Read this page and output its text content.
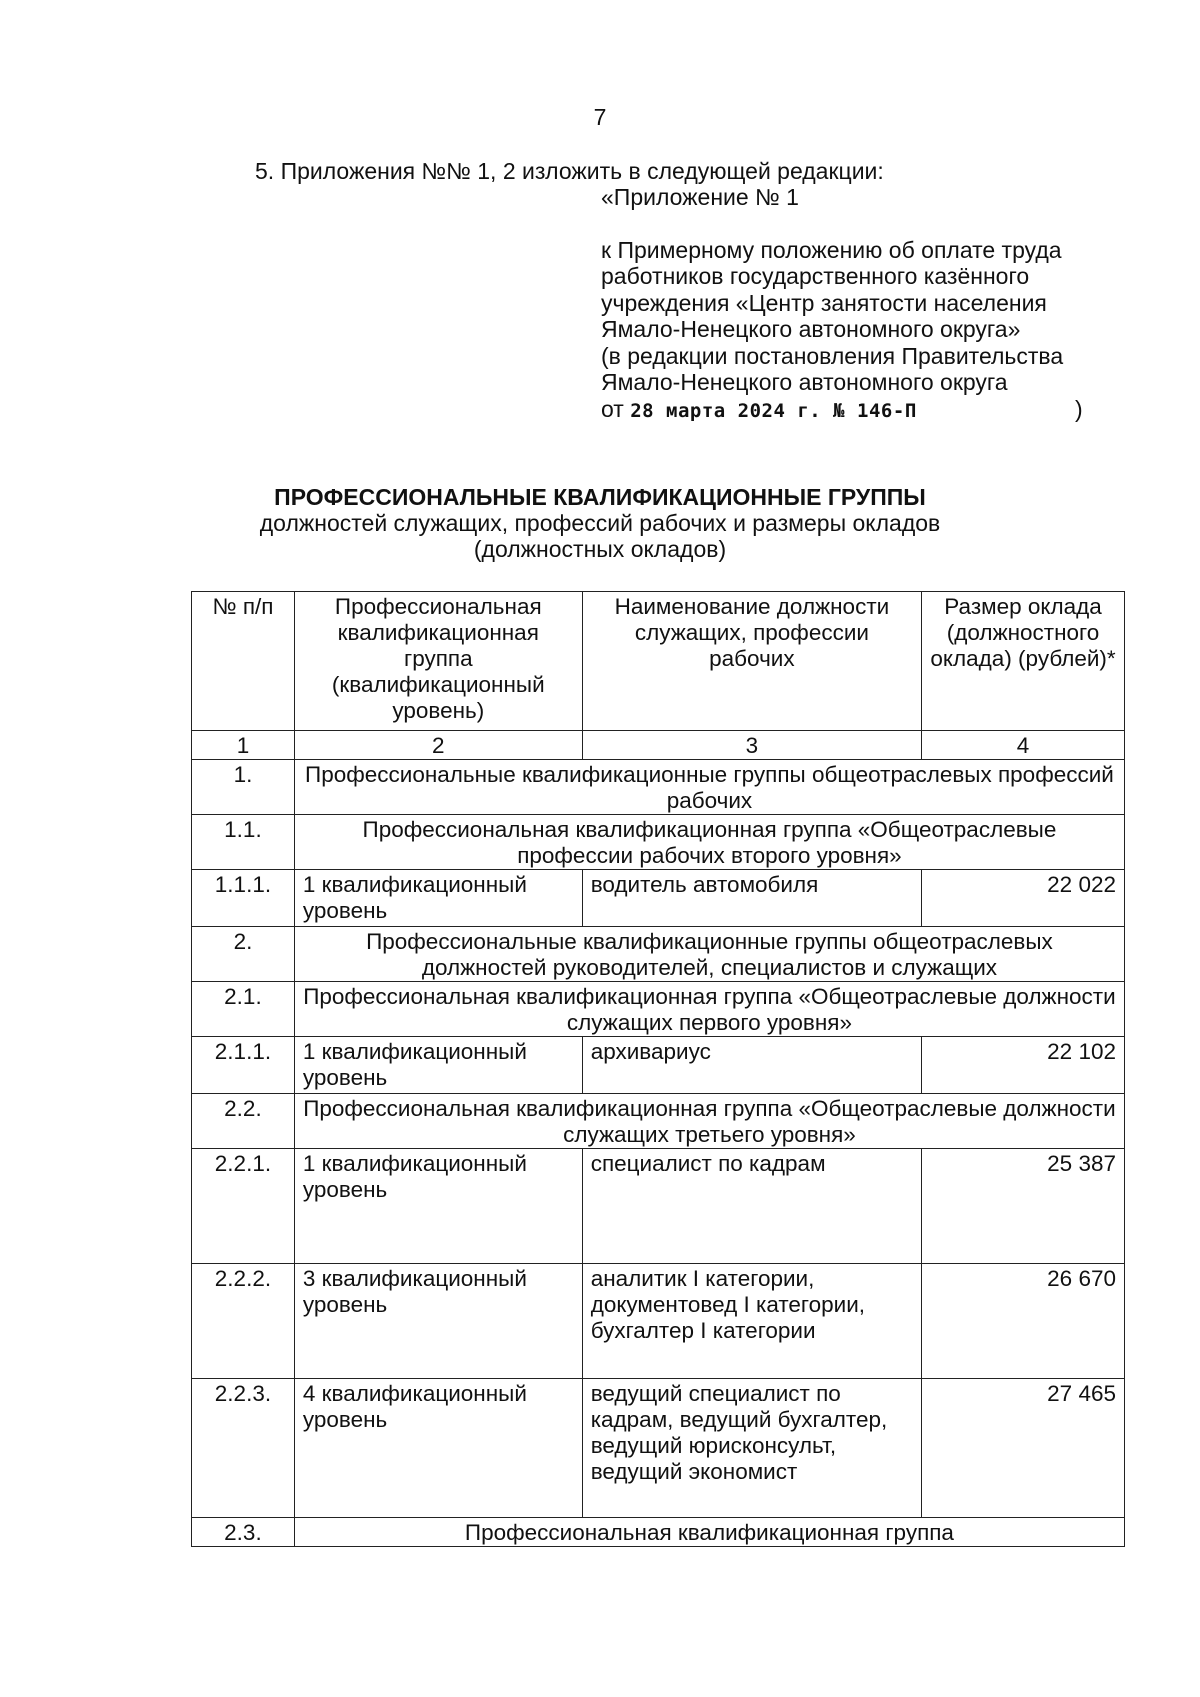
7
5. Приложения №№ 1, 2 изложить в следующей редакции:
«Приложение № 1
к Примерному положению об оплате труда
работников государственного казённого
учреждения «Центр занятости населения
Ямало-Ненецкого автономного округа»
(в редакции постановления Правительства
Ямало-Ненецкого автономного округа
от 28 марта 2024 г. № 146-П	)
ПРОФЕССИОНАЛЬНЫЕ КВАЛИФИКАЦИОННЫЕ ГРУППЫ
должностей служащих, профессий рабочих и размеры окладов
(должностных окладов)
№ п/п	Профессиональная квалификационная группа (квалификационный уровень)	Наименование должности служащих, профессии рабочих	Размер оклада (должностного оклада) (рублей)*
1	2	3	4
1.	Профессиональные квалификационные группы общеотраслевых профессий рабочих		
1.1.	Профессиональная квалификационная группа «Общеотраслевые профессии рабочих второго уровня»		
1.1.1.	1 квалификационный уровень	водитель автомобиля	22 022
2.	Профессиональные квалификационные группы общеотраслевых должностей руководителей, специалистов и служащих		
2.1.	Профессиональная квалификационная группа «Общеотраслевые должности служащих первого уровня»		
2.1.1.	1 квалификационный уровень	архивариус	22 102
2.2.	Профессиональная квалификационная группа «Общеотраслевые должности служащих третьего уровня»		
2.2.1.	1 квалификационный уровень	специалист по кадрам	25 387
2.2.2.	3 квалификационный уровень	аналитик I категории, документовед I категории, бухгалтер I категории	26 670
2.2.3.	4 квалификационный уровень	ведущий специалист по кадрам, ведущий бухгалтер, ведущий юрисконсульт, ведущий экономист	27 465
2.3.	Профессиональная квалификационная группа		
